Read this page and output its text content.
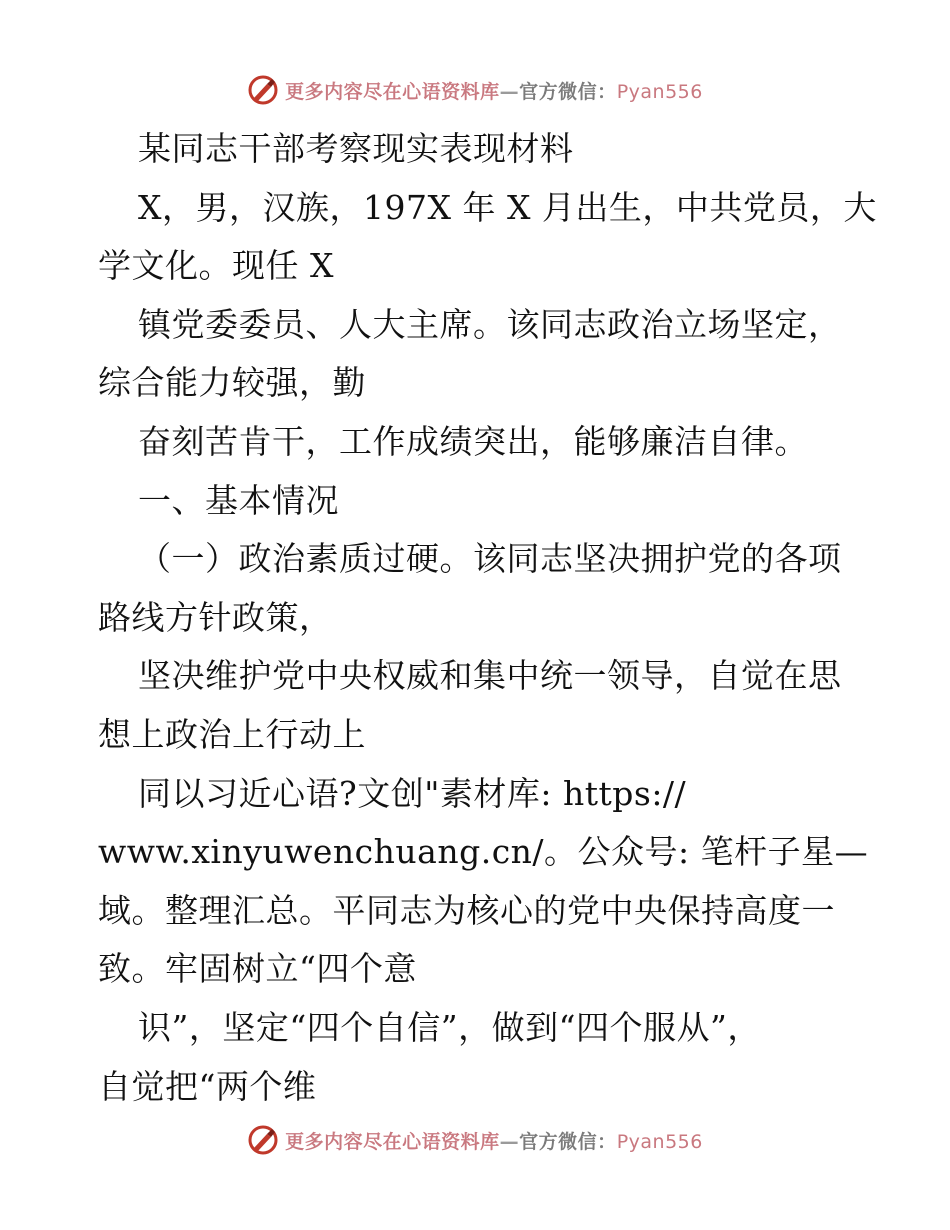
更多内容尽在心语资料库—官方微信：Pyan556
某同志干部考察现实表现材料
X，男，汉族，197X 年 X 月出生，中共党员，大
学文化。现任 X
镇党委委员、人大主席。该同志政治立场坚定，
综合能力较强，勤
奋刻苦肯干，工作成绩突出，能够廉洁自律。
一、基本情况
（一）政治素质过硬。该同志坚决拥护党的各项
路线方针政策，
坚决维护党中央权威和集中统一领导，自觉在思
想上政治上行动上
同以习近心语?文创"素材库: https://
www.xinyuwenchuang.cn/。公众号: 笔杆子星—
域。整理汇总。平同志为核心的党中央保持高度一
致。牢固树立“四个意
识”，坚定“四个自信”，做到“四个服从”，
自觉把“两个维
更多内容尽在心语资料库—官方微信：Pyan556
